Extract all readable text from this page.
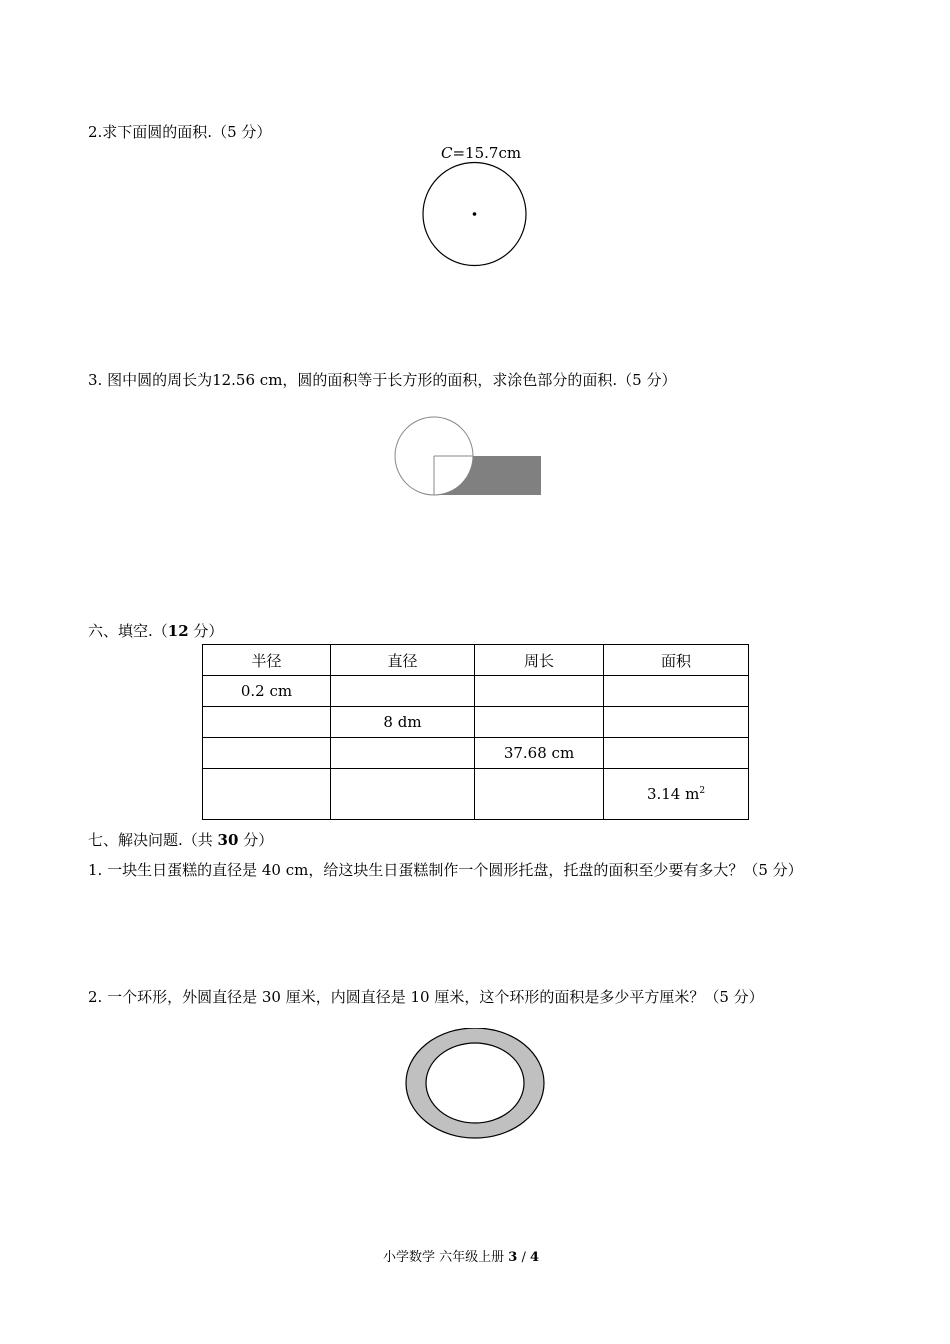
2.求下面圆的面积.（5 分）
C=15.7cm
3. 图中圆的周长为12.56 cm，圆的面积等于长方形的面积，求涂色部分的面积.（5 分）
六、填空.（12 分）
半径	直径	周长	面积
0.2 cm			
	8 dm		
		37.68 cm	
			3.14 $m^2$
七、解决问题.（共 30 分）
1. 一块生日蛋糕的直径是 40 cm，给这块生日蛋糕制作一个圆形托盘，托盘的面积至少要有多大？（5 分）
2. 一个环形，外圆直径是 30 厘米，内圆直径是 10 厘米，这个环形的面积是多少平方厘米？（5 分）
小学数学 六年级上册 3 / 4
